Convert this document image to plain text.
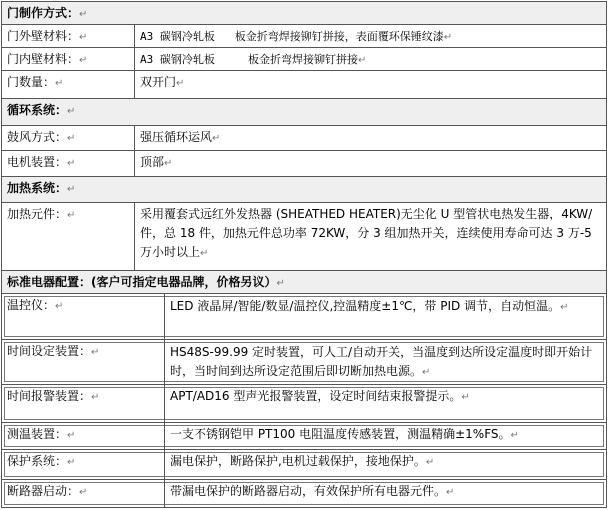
门制作方式：↵
门外壁材料：↵	A3 碳钢冷轧板   板金折弯焊接铆钉拼接，表面覆环保锤纹漆↵
门内壁材料：↵	A3 碳钢冷轧板     板金折弯焊接铆钉拼接↵
门数量：↵	双开门↵
循环系统：↵
鼓风方式：↵	强压循环运风↵
电机装置：↵	顶部↵
加热系统：↵
加热元件：↵	采用覆套式远红外发热器 (SHEATHED HEATER)无尘化 U 型管状电热发生器，4KW/件，总 18 件，加热元件总功率 72KW，分 3 组加热开关，连续使用寿命可达 3 万-5 万小时以上↵
标准电器配置：(客户可指定电器品牌，价格另议）↵
温控仪：↵	LED 液晶屏/智能/数显/温控仪,控温精度±1℃，带 PID 调节，自动恒温。↵
时间设定装置：↵	HS48S-99.99 定时装置，可人工/自动开关，当温度到达所设定温度时即开始计时，当时间到达所设定范围后即切断加热电源。↵
时间报警装置：↵	APT/AD16 型声光报警装置，设定时间结束报警提示。↵
测温装置：↵	一支不锈钢铠甲 PT100 电阻温度传感装置，测温精确±1%FS。↵
保护系统：↵	漏电保护，断路保护,电机过载保护，接地保护。↵
断路器启动：↵	带漏电保护的断路器启动，有效保护所有电器元件。↵
